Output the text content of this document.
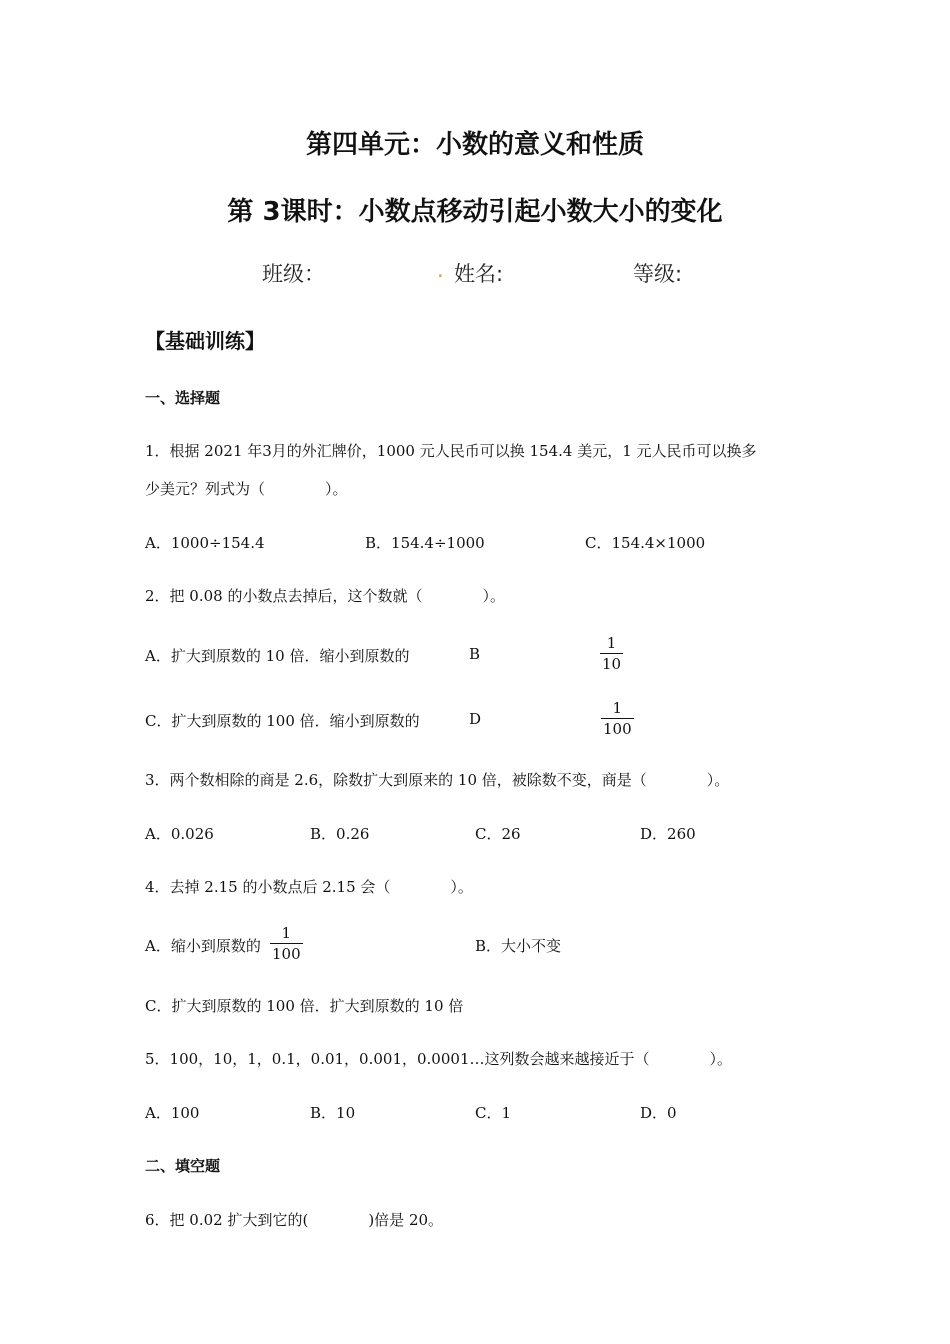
第四单元：小数的意义和性质
第 3课时：小数点移动引起小数大小的变化
班级：	. 姓名:	等级:
【基础训练】
一、选择题
1．根据 2021 年3月的外汇牌价，1000 元人民币可以换 154.4 美元，1 元人民币可以换多
少美元？列式为（　　　　）。
A．1000÷154.4	B．154.4÷1000	C．154.4×1000
2．把 0.08 的小数点去掉后，这个数就（　　　　）。
A．扩大到原数的 10 倍．缩小到原数的	B
1
10
C．扩大到原数的 100 倍．缩小到原数的	D
1
100
3．两个数相除的商是 2.6，除数扩大到原来的 10 倍，被除数不变，商是（　　　　）。
A．0.026	B．0.26	C．26	D．260
4．去掉 2.15 的小数点后 2.15 会（　　　　）。
A．缩小到原数的
1
100	B．大小不变
C．扩大到原数的 100 倍．扩大到原数的 10 倍
5．100，10，1，0.1，0.01，0.001，0.0001…这列数会越来越接近于（　　　　）。
A．100	B．10	C．1	D．0
二、填空题
6．把 0.02 扩大到它的(　　　　)倍是 20。
